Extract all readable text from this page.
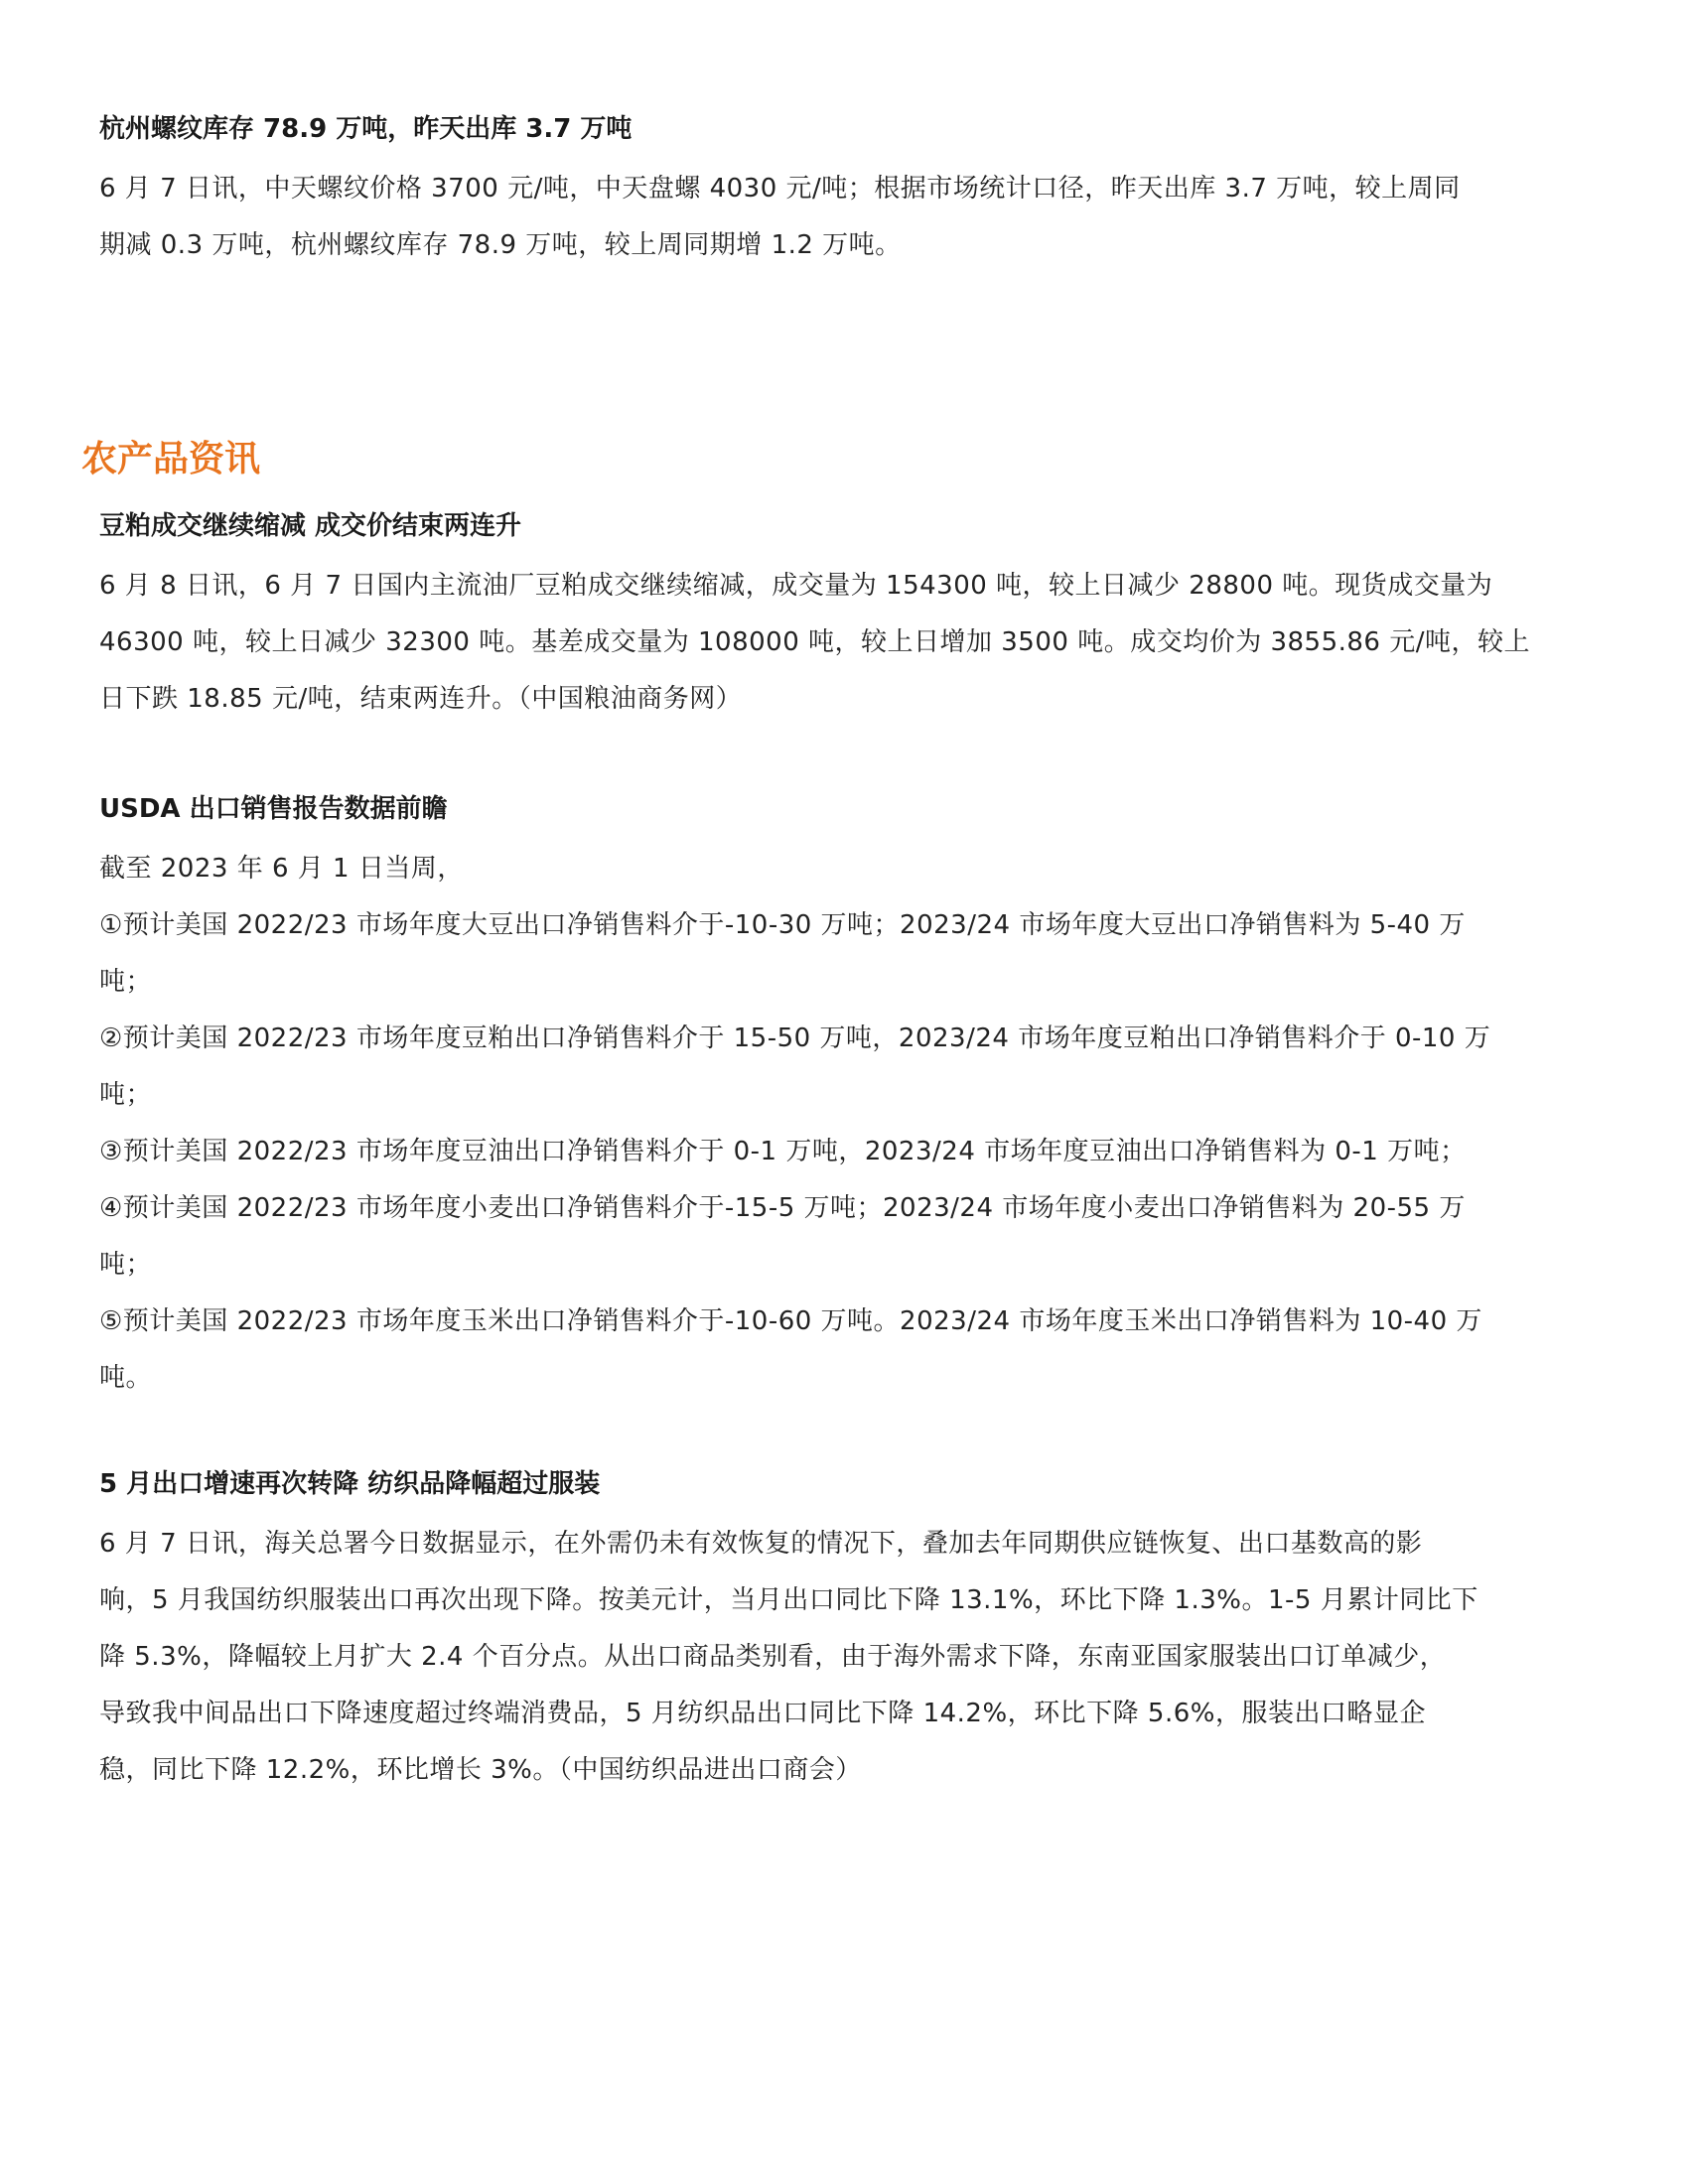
杭州螺纹库存 78.9 万吨，昨天出库 3.7 万吨

6 月 7 日讯，中天螺纹价格 3700 元/吨，中天盘螺 4030 元/吨；根据市场统计口径，昨天出库 3.7 万吨，较上周同
期减 0.3 万吨，杭州螺纹库存 78.9 万吨，较上周同期增 1.2 万吨。

农产品资讯
豆粕成交继续缩减 成交价结束两连升

6 月 8 日讯，6 月 7 日国内主流油厂豆粕成交继续缩减，成交量为 154300 吨，较上日减少 28800 吨。现货成交量为
46300 吨，较上日减少 32300 吨。基差成交量为 108000 吨，较上日增加 3500 吨。成交均价为 3855.86 元/吨，较上
日下跌 18.85 元/吨，结束两连升。（中国粮油商务网）

USDA 出口销售报告数据前瞻

截至 2023 年 6 月 1 日当周，
①预计美国 2022/23 市场年度大豆出口净销售料介于-10-30 万吨；2023/24 市场年度大豆出口净销售料为 5-40 万
吨；
②预计美国 2022/23 市场年度豆粕出口净销售料介于 15-50 万吨，2023/24 市场年度豆粕出口净销售料介于 0-10 万
吨；
③预计美国 2022/23 市场年度豆油出口净销售料介于 0-1 万吨，2023/24 市场年度豆油出口净销售料为 0-1 万吨；
④预计美国 2022/23 市场年度小麦出口净销售料介于-15-5 万吨；2023/24 市场年度小麦出口净销售料为 20-55 万
吨；
⑤预计美国 2022/23 市场年度玉米出口净销售料介于-10-60 万吨。2023/24 市场年度玉米出口净销售料为 10-40 万
吨。

5 月出口增速再次转降 纺织品降幅超过服装

6 月 7 日讯，海关总署今日数据显示，在外需仍未有效恢复的情况下，叠加去年同期供应链恢复、出口基数高的影
响，5 月我国纺织服装出口再次出现下降。按美元计，当月出口同比下降 13.1%，环比下降 1.3%。1-5 月累计同比下
降 5.3%，降幅较上月扩大 2.4 个百分点。从出口商品类别看，由于海外需求下降，东南亚国家服装出口订单减少，
导致我中间品出口下降速度超过终端消费品，5 月纺织品出口同比下降 14.2%，环比下降 5.6%，服装出口略显企
稳，同比下降 12.2%，环比增长 3%。（中国纺织品进出口商会）
